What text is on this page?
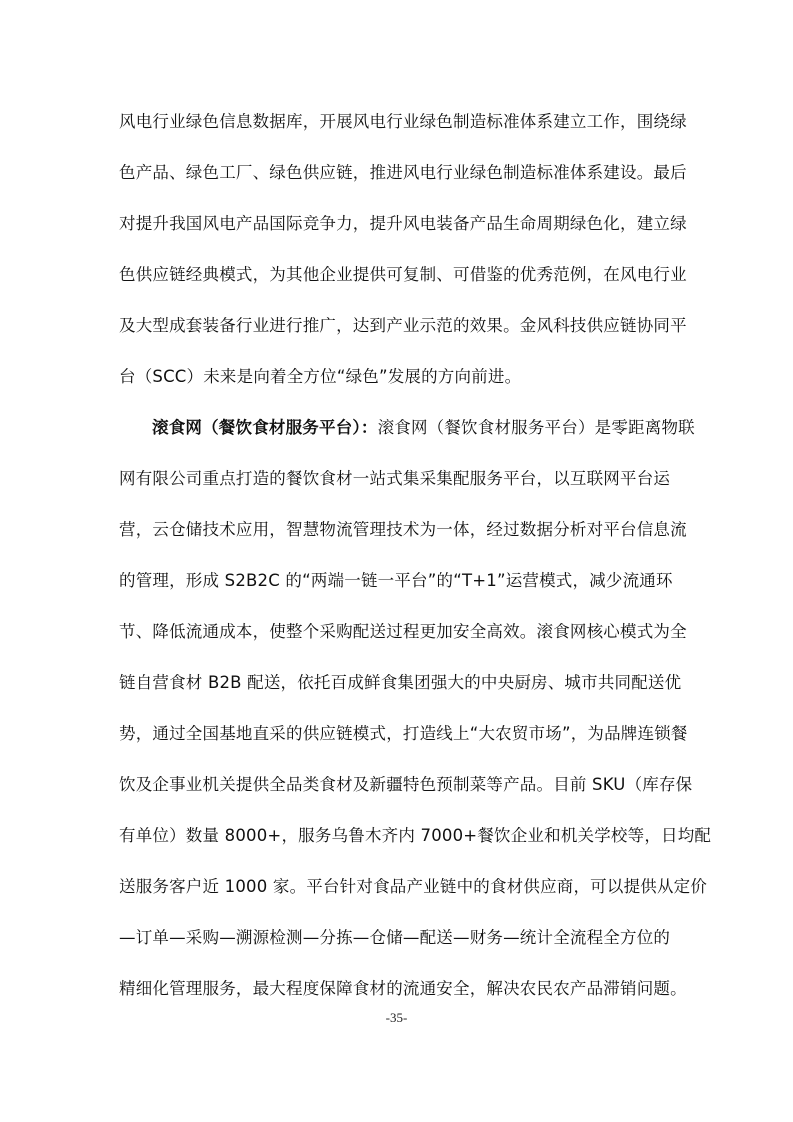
风电行业绿色信息数据库，开展风电行业绿色制造标准体系建立工作，围绕绿
色产品、绿色工厂、绿色供应链，推进风电行业绿色制造标准体系建设。最后
对提升我国风电产品国际竞争力，提升风电装备产品生命周期绿色化，建立绿
色供应链经典模式，为其他企业提供可复制、可借鉴的优秀范例，在风电行业
及大型成套装备行业进行推广，达到产业示范的效果。金风科技供应链协同平
台（SCC）未来是向着全方位“绿色”发展的方向前进。
滚食网（餐饮食材服务平台）：滚食网（餐饮食材服务平台）是零距离物联
网有限公司重点打造的餐饮食材一站式集采集配服务平台，以互联网平台运
营，云仓储技术应用，智慧物流管理技术为一体，经过数据分析对平台信息流
的管理，形成 S2B2C 的“两端一链一平台”的“T+1”运营模式，减少流通环
节、降低流通成本，使整个采购配送过程更加安全高效。滚食网核心模式为全
链自营食材 B2B 配送，依托百成鲜食集团强大的中央厨房、城市共同配送优
势，通过全国基地直采的供应链模式，打造线上“大农贸市场”，为品牌连锁餐
饮及企事业机关提供全品类食材及新疆特色预制菜等产品。目前 SKU（库存保
有单位）数量 8000+，服务乌鲁木齐内 7000+餐饮企业和机关学校等，日均配
送服务客户近 1000 家。平台针对食品产业链中的食材供应商，可以提供从定价
—订单—采购—溯源检测—分拣—仓储—配送—财务—统计全流程全方位的
精细化管理服务，最大程度保障食材的流通安全，解决农民农产品滞销问题。
-35-
